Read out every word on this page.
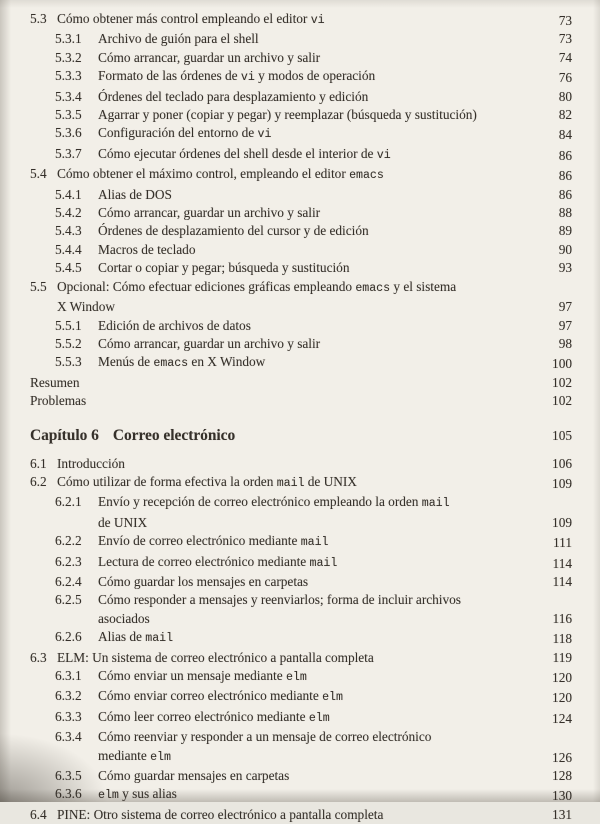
5.3 Cómo obtener más control empleando el editor vi	73
5.3.1	Archivo de guión para el shell	73
5.3.2	Cómo arrancar, guardar un archivo y salir	74
5.3.3	Formato de las órdenes de vi y modos de operación	76
5.3.4	Órdenes del teclado para desplazamiento y edición	80
5.3.5	Agarrar y poner (copiar y pegar) y reemplazar (búsqueda y sustitución)	82
5.3.6	Configuración del entorno de vi	84
5.3.7	Cómo ejecutar órdenes del shell desde el interior de vi	86
5.4 Cómo obtener el máximo control, empleando el editor emacs	86
5.4.1	Alias de DOS	86
5.4.2	Cómo arrancar, guardar un archivo y salir	88
5.4.3	Órdenes de desplazamiento del cursor y de edición	89
5.4.4	Macros de teclado	90
5.4.5	Cortar o copiar y pegar; búsqueda y sustitución	93
5.5 Opcional: Cómo efectuar ediciones gráficas empleando emacs y el sistema
X Window	97
5.5.1	Edición de archivos de datos	97
5.5.2	Cómo arrancar, guardar un archivo y salir	98
5.5.3	Menús de emacs en X Window	100
Resumen	102
Problemas	102
Capítulo 6 Correo electrónico	105
6.1 Introducción	106
6.2 Cómo utilizar de forma efectiva la orden mail de UNIX	109
6.2.1	Envío y recepción de correo electrónico empleando la orden mail
de UNIX	109
6.2.2	Envío de correo electrónico mediante mail	111
6.2.3	Lectura de correo electrónico mediante mail	114
6.2.4	Cómo guardar los mensajes en carpetas	114
6.2.5	Cómo responder a mensajes y reenviarlos; forma de incluir archivos
asociados	116
6.2.6	Alias de mail	118
6.3 ELM: Un sistema de correo electrónico a pantalla completa	119
6.3.1	Cómo enviar un mensaje mediante elm	120
6.3.2	Cómo enviar correo electrónico mediante elm	120
6.3.3	Cómo leer correo electrónico mediante elm	124
6.3.4	Cómo reenviar y responder a un mensaje de correo electrónico
mediante elm	126
6.3.5	Cómo guardar mensajes en carpetas	128
6.3.6	elm y sus alias	130
6.4 PINE: Otro sistema de correo electrónico a pantalla completa	131
